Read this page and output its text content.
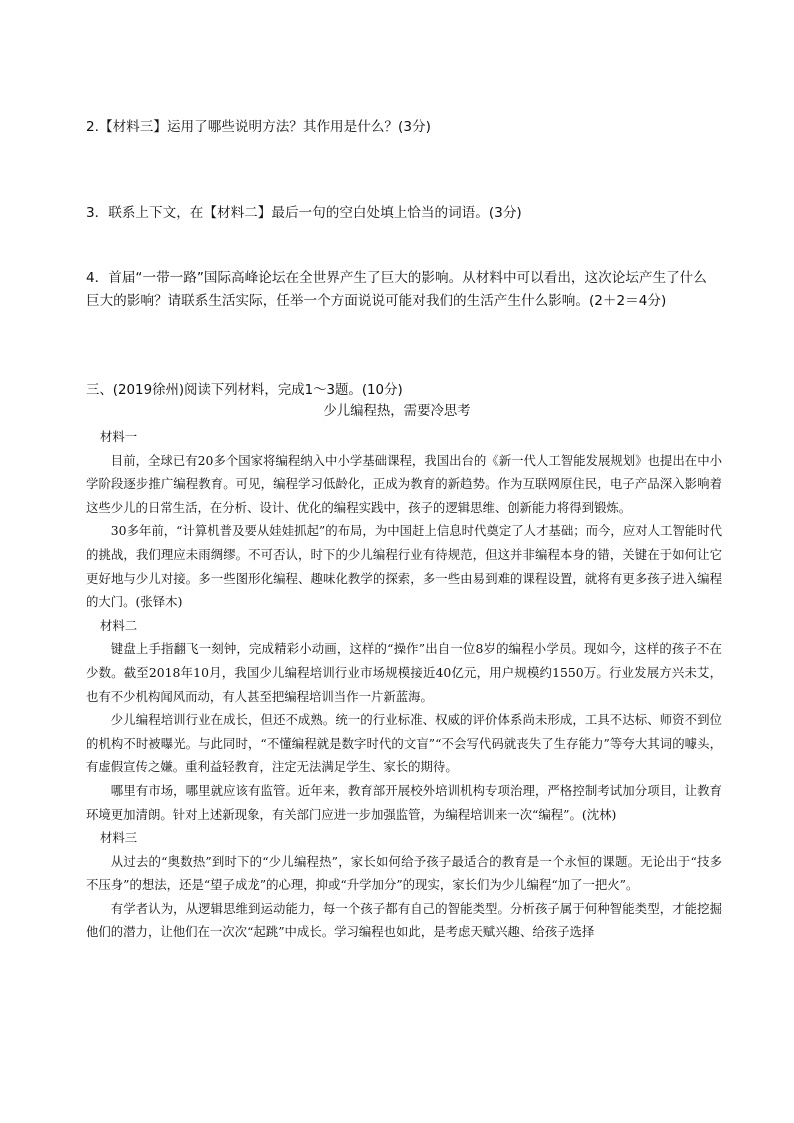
2.【材料三】运用了哪些说明方法？其作用是什么？(3分)
3．联系上下文，在【材料二】最后一句的空白处填上恰当的词语。(3分)
4．首届“一带一路”国际高峰论坛在全世界产生了巨大的影响。从材料中可以看出，这次论坛产生了什么巨大的影响？请联系生活实际，任举一个方面说说可能对我们的生活产生什么影响。(2＋2＝4分)
三、(2019徐州)阅读下列材料，完成1～3题。(10分)
少儿编程热，需要冷思考

材料一

目前，全球已有20多个国家将编程纳入中小学基础课程，我国出台的《新一代人工智能发展规划》也提出在中小学阶段逐步推广编程教育。可见，编程学习低龄化，正成为教育的新趋势。作为互联网原住民，电子产品深入影响着这些少儿的日常生活，在分析、设计、优化的编程实践中，孩子的逻辑思维、创新能力将得到锻炼。

30多年前，“计算机普及要从娃娃抓起”的布局，为中国赶上信息时代奠定了人才基础；而今，应对人工智能时代的挑战，我们理应未雨绸缪。不可否认，时下的少儿编程行业有待规范，但这并非编程本身的错，关键在于如何让它更好地与少儿对接。多一些图形化编程、趣味化教学的探索，多一些由易到难的课程设置，就将有更多孩子进入编程的大门。(张铎木)

材料二

键盘上手指翻飞一刻钟，完成精彩小动画，这样的“操作”出自一位8岁的编程小学员。现如今，这样的孩子不在少数。截至2018年10月，我国少儿编程培训行业市场规模接近40亿元，用户规模约1550万。行业发展方兴未艾，也有不少机构闻风而动，有人甚至把编程培训当作一片新蓝海。

少儿编程培训行业在成长，但还不成熟。统一的行业标准、权威的评价体系尚未形成，工具不达标、师资不到位的机构不时被曝光。与此同时，“不懂编程就是数字时代的文盲”“不会写代码就丧失了生存能力”等夸大其词的噱头，有虚假宣传之嫌。重利益轻教育，注定无法满足学生、家长的期待。

哪里有市场，哪里就应该有监管。近年来，教育部开展校外培训机构专项治理，严格控制考试加分项目，让教育环境更加清朗。针对上述新现象，有关部门应进一步加强监管，为编程培训来一次“编程”。(沈林)

材料三

从过去的“奥数热”到时下的“少儿编程热”，家长如何给予孩子最适合的教育是一个永恒的课题。无论出于“技多不压身”的想法，还是“望子成龙”的心理，抑或“升学加分”的现实，家长们为少儿编程“加了一把火”。

有学者认为，从逻辑思维到运动能力，每一个孩子都有自己的智能类型。分析孩子属于何种智能类型，才能挖掘他们的潜力，让他们在一次次“起跳”中成长。学习编程也如此，是考虑天赋兴趣、给孩子选择
